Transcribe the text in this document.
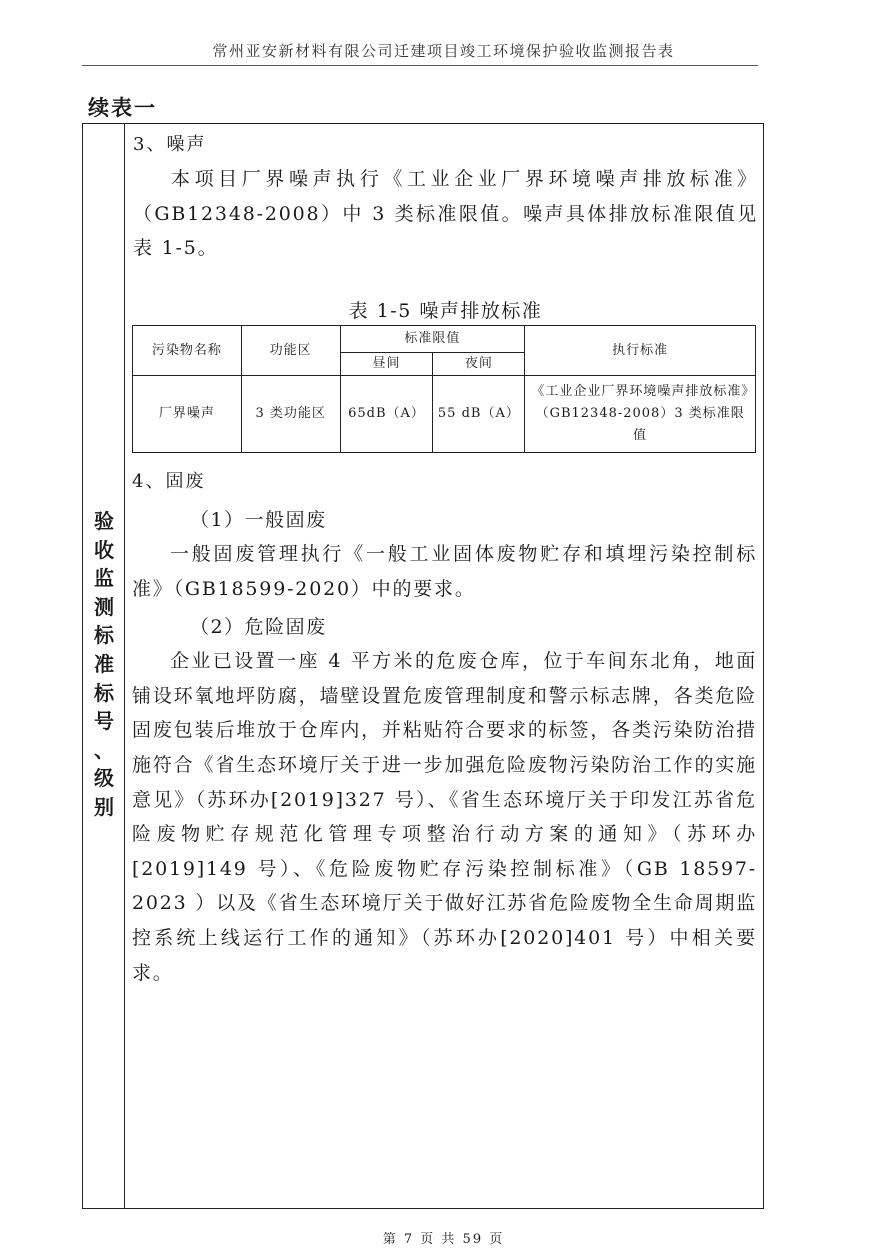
常州亚安新材料有限公司迁建项目竣工环境保护验收监测报告表
续表一
验
收
监
测
标
准
标
号
、
级
别

3、噪声

本项目厂界噪声执行《工业企业厂界环境噪声排放标准》（GB12348-2008）中 3 类标准限值。噪声具体排放标准限值见表 1-5。

表 1-5 噪声排放标准

污染物名称	功能区	标准限值		执行标准
		昼间	夜间	
厂界噪声	3 类功能区	65dB（A）	55 dB（A）	《工业企业厂界环境噪声排放标准》（GB12348-2008）3 类标准限值

4、固废

（1）一般固废

一般固废管理执行《一般工业固体废物贮存和填埋污染控制标准》（GB18599-2020）中的要求。

（2）危险固废

企业已设置一座 4 平方米的危废仓库，位于车间东北角，地面铺设环氧地坪防腐，墙壁设置危废管理制度和警示标志牌，各类危险固废包装后堆放于仓库内，并粘贴符合要求的标签，各类污染防治措施符合《省生态环境厅关于进一步加强危险废物污染防治工作的实施意见》（苏环办[2019]327 号）、《省生态环境厅关于印发江苏省危险废物贮存规范化管理专项整治行动方案的通知》（苏环办[2019]149 号）、《危险废物贮存污染控制标准》（GB 18597-2023 ）以及《省生态环境厅关于做好江苏省危险废物全生命周期监控系统上线运行工作的通知》（苏环办[2020]401 号）中相关要求。

第 7 页 共 59 页
